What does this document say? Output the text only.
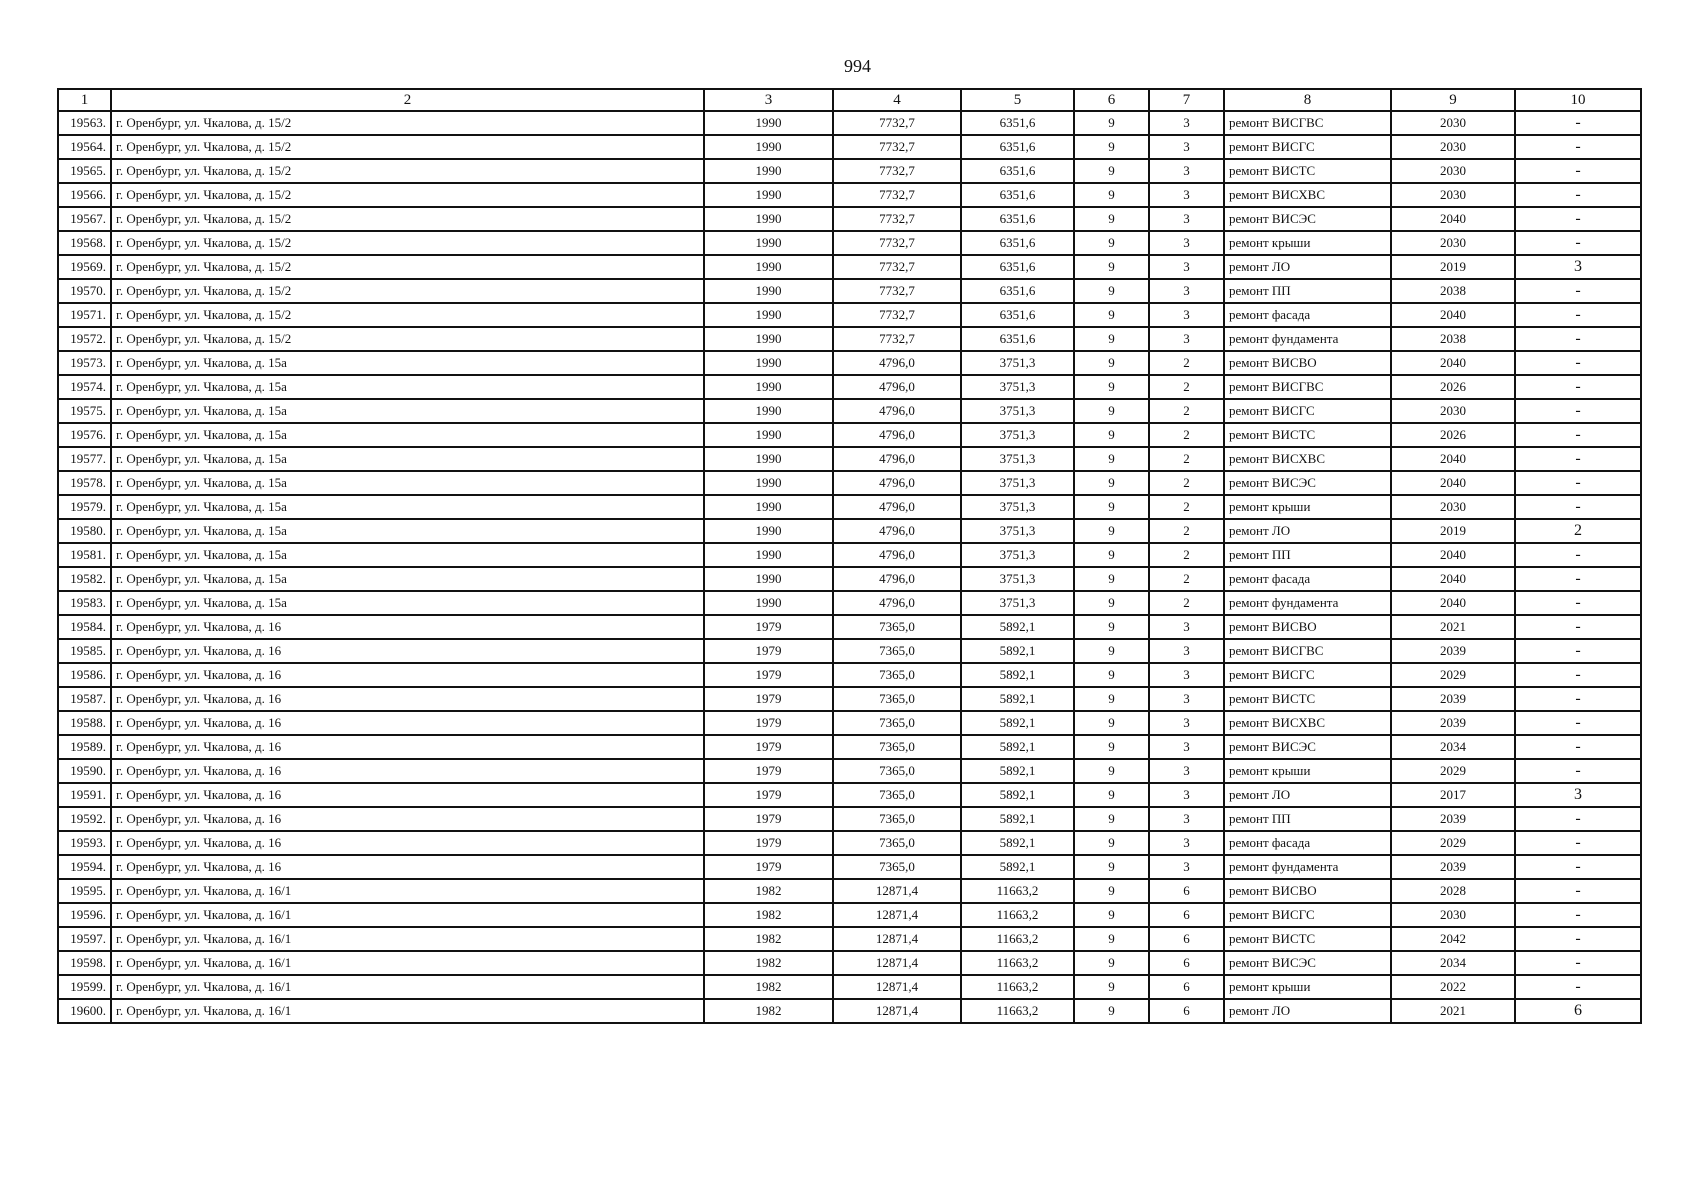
994
1	2	3	4	5	6	7	8	9	10
19563.	г. Оренбург, ул. Чкалова, д. 15/2	1990	7732,7	6351,6	9	3	ремонт ВИСГВС	2030	-
19564.	г. Оренбург, ул. Чкалова, д. 15/2	1990	7732,7	6351,6	9	3	ремонт ВИСГС	2030	-
19565.	г. Оренбург, ул. Чкалова, д. 15/2	1990	7732,7	6351,6	9	3	ремонт ВИСТС	2030	-
19566.	г. Оренбург, ул. Чкалова, д. 15/2	1990	7732,7	6351,6	9	3	ремонт ВИСХВС	2030	-
19567.	г. Оренбург, ул. Чкалова, д. 15/2	1990	7732,7	6351,6	9	3	ремонт ВИСЭС	2040	-
19568.	г. Оренбург, ул. Чкалова, д. 15/2	1990	7732,7	6351,6	9	3	ремонт крыши	2030	-
19569.	г. Оренбург, ул. Чкалова, д. 15/2	1990	7732,7	6351,6	9	3	ремонт ЛО	2019	3
19570.	г. Оренбург, ул. Чкалова, д. 15/2	1990	7732,7	6351,6	9	3	ремонт ПП	2038	-
19571.	г. Оренбург, ул. Чкалова, д. 15/2	1990	7732,7	6351,6	9	3	ремонт фасада	2040	-
19572.	г. Оренбург, ул. Чкалова, д. 15/2	1990	7732,7	6351,6	9	3	ремонт фундамента	2038	-
19573.	г. Оренбург, ул. Чкалова, д. 15а	1990	4796,0	3751,3	9	2	ремонт ВИСВО	2040	-
19574.	г. Оренбург, ул. Чкалова, д. 15а	1990	4796,0	3751,3	9	2	ремонт ВИСГВС	2026	-
19575.	г. Оренбург, ул. Чкалова, д. 15а	1990	4796,0	3751,3	9	2	ремонт ВИСГС	2030	-
19576.	г. Оренбург, ул. Чкалова, д. 15а	1990	4796,0	3751,3	9	2	ремонт ВИСТС	2026	-
19577.	г. Оренбург, ул. Чкалова, д. 15а	1990	4796,0	3751,3	9	2	ремонт ВИСХВС	2040	-
19578.	г. Оренбург, ул. Чкалова, д. 15а	1990	4796,0	3751,3	9	2	ремонт ВИСЭС	2040	-
19579.	г. Оренбург, ул. Чкалова, д. 15а	1990	4796,0	3751,3	9	2	ремонт крыши	2030	-
19580.	г. Оренбург, ул. Чкалова, д. 15а	1990	4796,0	3751,3	9	2	ремонт ЛО	2019	2
19581.	г. Оренбург, ул. Чкалова, д. 15а	1990	4796,0	3751,3	9	2	ремонт ПП	2040	-
19582.	г. Оренбург, ул. Чкалова, д. 15а	1990	4796,0	3751,3	9	2	ремонт фасада	2040	-
19583.	г. Оренбург, ул. Чкалова, д. 15а	1990	4796,0	3751,3	9	2	ремонт фундамента	2040	-
19584.	г. Оренбург, ул. Чкалова, д. 16	1979	7365,0	5892,1	9	3	ремонт ВИСВО	2021	-
19585.	г. Оренбург, ул. Чкалова, д. 16	1979	7365,0	5892,1	9	3	ремонт ВИСГВС	2039	-
19586.	г. Оренбург, ул. Чкалова, д. 16	1979	7365,0	5892,1	9	3	ремонт ВИСГС	2029	-
19587.	г. Оренбург, ул. Чкалова, д. 16	1979	7365,0	5892,1	9	3	ремонт ВИСТС	2039	-
19588.	г. Оренбург, ул. Чкалова, д. 16	1979	7365,0	5892,1	9	3	ремонт ВИСХВС	2039	-
19589.	г. Оренбург, ул. Чкалова, д. 16	1979	7365,0	5892,1	9	3	ремонт ВИСЭС	2034	-
19590.	г. Оренбург, ул. Чкалова, д. 16	1979	7365,0	5892,1	9	3	ремонт крыши	2029	-
19591.	г. Оренбург, ул. Чкалова, д. 16	1979	7365,0	5892,1	9	3	ремонт ЛО	2017	3
19592.	г. Оренбург, ул. Чкалова, д. 16	1979	7365,0	5892,1	9	3	ремонт ПП	2039	-
19593.	г. Оренбург, ул. Чкалова, д. 16	1979	7365,0	5892,1	9	3	ремонт фасада	2029	-
19594.	г. Оренбург, ул. Чкалова, д. 16	1979	7365,0	5892,1	9	3	ремонт фундамента	2039	-
19595.	г. Оренбург, ул. Чкалова, д. 16/1	1982	12871,4	11663,2	9	6	ремонт ВИСВО	2028	-
19596.	г. Оренбург, ул. Чкалова, д. 16/1	1982	12871,4	11663,2	9	6	ремонт ВИСГС	2030	-
19597.	г. Оренбург, ул. Чкалова, д. 16/1	1982	12871,4	11663,2	9	6	ремонт ВИСТС	2042	-
19598.	г. Оренбург, ул. Чкалова, д. 16/1	1982	12871,4	11663,2	9	6	ремонт ВИСЭС	2034	-
19599.	г. Оренбург, ул. Чкалова, д. 16/1	1982	12871,4	11663,2	9	6	ремонт крыши	2022	-
19600.	г. Оренбург, ул. Чкалова, д. 16/1	1982	12871,4	11663,2	9	6	ремонт ЛО	2021	6
